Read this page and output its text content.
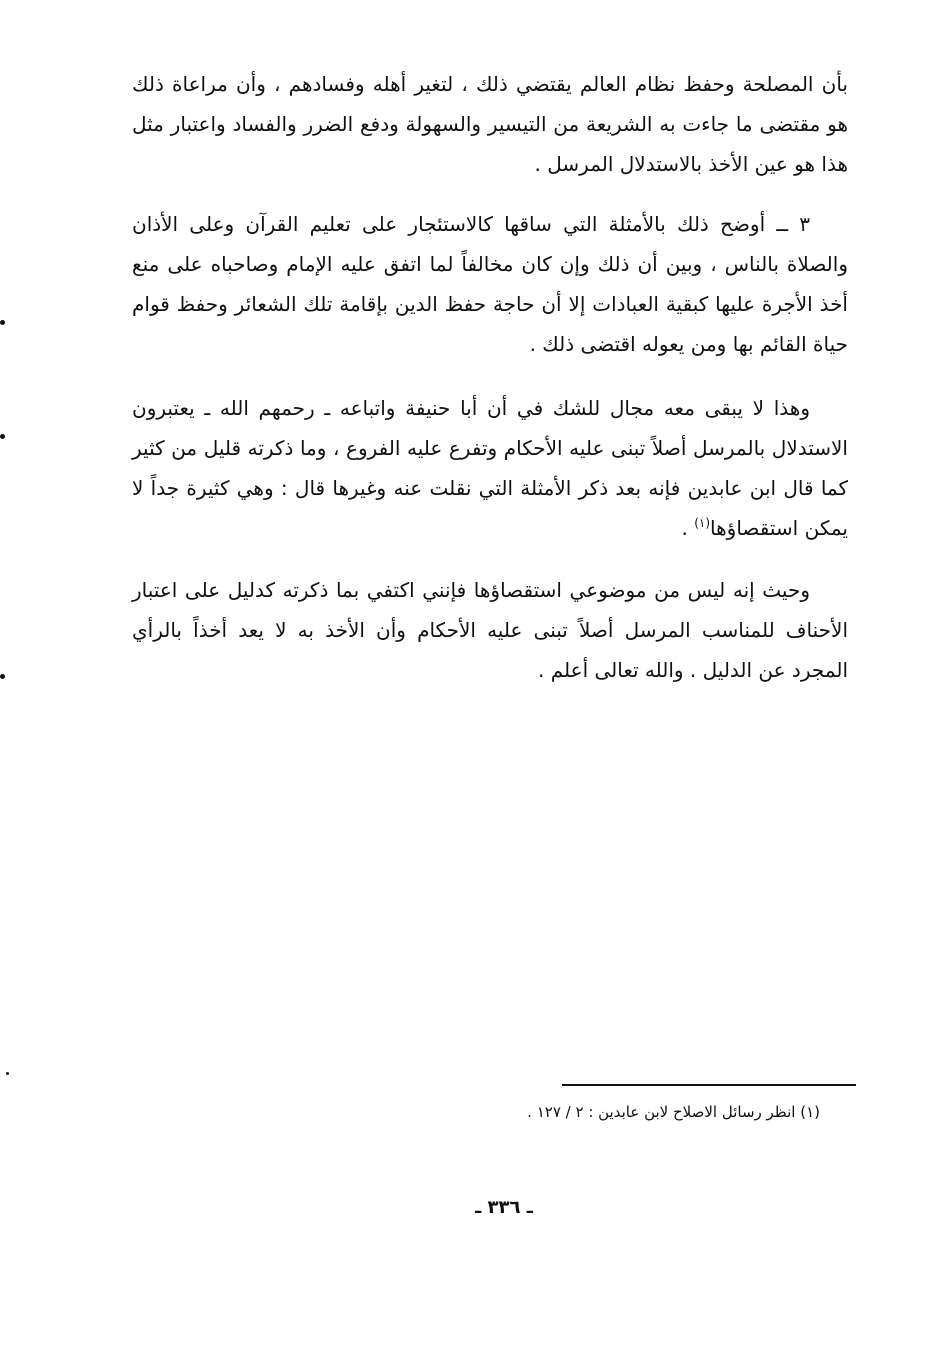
بأن المصلحة وحفظ نظام العالم يقتضي ذلك ، لتغير أهله وفسادهم ، وأن مراعاة ذلك هو مقتضى ما جاءت به الشريعة من التيسير والسهولة ودفع الضرر والفساد واعتبار مثل هذا هو عين الأخذ بالاستدلال المرسل .

٣ ــ أوضح ذلك بالأمثلة التي ساقها كالاستئجار على تعليم القرآن وعلى الأذان والصلاة بالناس ، وبين أن ذلك وإن كان مخالفاً لما اتفق عليه الإمام وصاحباه على منع أخذ الأجرة عليها كبقية العبادات إلا أن حاجة حفظ الدين بإقامة تلك الشعائر وحفظ قوام حياة القائم بها ومن يعوله اقتضى ذلك .

وهذا لا يبقى معه مجال للشك في أن أبا حنيفة واتباعه ـ رحمهم الله ـ يعتبرون الاستدلال بالمرسل أصلاً تبنى عليه الأحكام وتفرع عليه الفروع ، وما ذكرته قليل من كثير كما قال ابن عابدين فإنه بعد ذكر الأمثلة التي نقلت عنه وغيرها قال : وهي كثيرة جداً لا يمكن استقصاؤها$^{(١)}$ .

وحيث إنه ليس من موضوعي استقصاؤها فإنني اكتفي بما ذكرته كدليل على اعتبار الأحناف للمناسب المرسل أصلاً تبنى عليه الأحكام وأن الأخذ به لا يعد أخذاً بالرأي المجرد عن الدليل . والله تعالى أعلم .

(١) انظر رسائل الاصلاح لابن عابدين : ٢ / ١٢٧ .

ـ ٣٣٦ ـ
